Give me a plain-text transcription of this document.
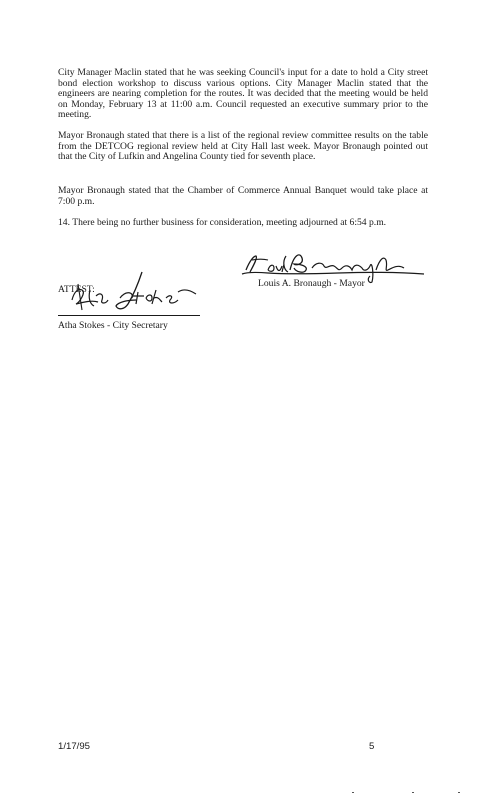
City Manager Maclin stated that he was seeking Council's input for a date to hold a City street bond election workshop to discuss various options. City Manager Maclin stated that the engineers are nearing completion for the routes. It was decided that the meeting would be held on Monday, February 13 at 11:00 a.m. Council requested an executive summary prior to the meeting.

Mayor Bronaugh stated that there is a list of the regional review committee results on the table from the DETCOG regional review held at City Hall last week. Mayor Bronaugh pointed out that the City of Lufkin and Angelina County tied for seventh place.

Mayor Bronaugh stated that the Chamber of Commerce Annual Banquet would take place at 7:00 p.m.

14. There being no further business for consideration, meeting adjourned at 6:54 p.m.

Louis A. Bronaugh - Mayor
ATTEST:
Atha Stokes - City Secretary
1/17/95	5
